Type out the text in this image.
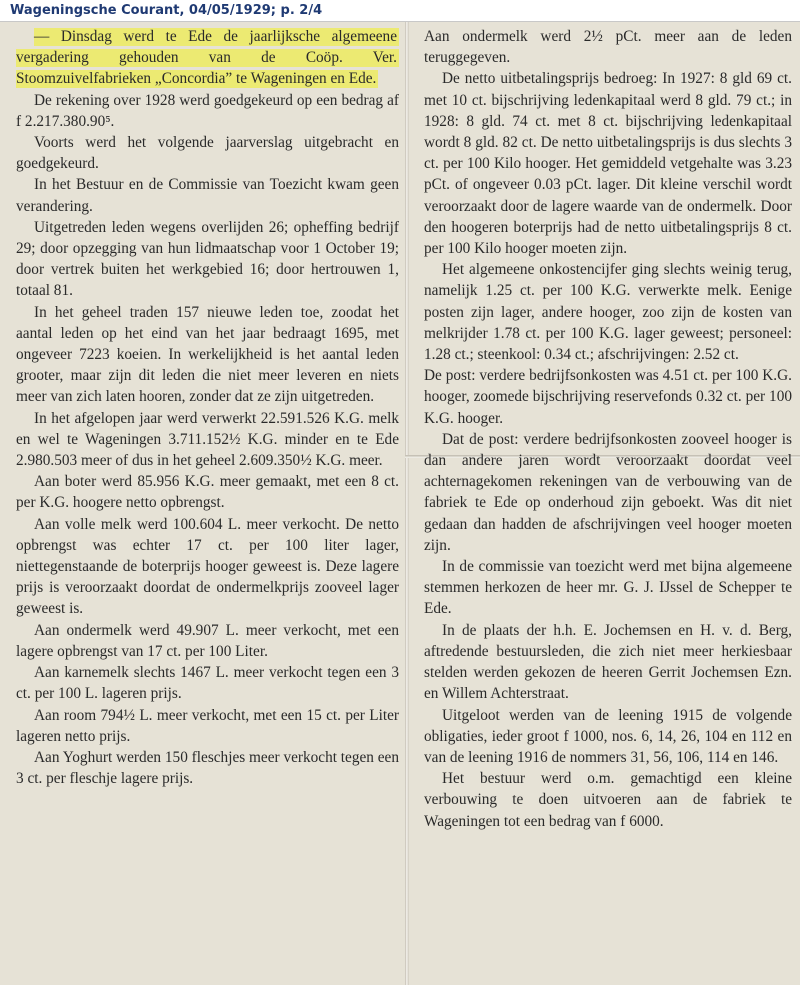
Wageningsche Courant, 04/05/1929; p. 2/4

— Dinsdag werd te Ede de jaarlijksche algemeene vergadering gehouden van de Coöp. Ver. Stoomzuivelfabrieken „Concordia” te Wageningen en Ede.

De rekening over 1928 werd goedgekeurd op een bedrag af f 2.217.380.90⁵.

Voorts werd het volgende jaarverslag uitgebracht en goedgekeurd.

In het Bestuur en de Commissie van Toezicht kwam geen verandering.

Uitgetreden leden wegens overlijden 26; opheffing bedrijf 29; door opzegging van hun lidmaatschap voor 1 October 19; door vertrek buiten het werkgebied 16; door hertrouwen 1, totaal 81.

In het geheel traden 157 nieuwe leden toe, zoodat het aantal leden op het eind van het jaar bedraagt 1695, met ongeveer 7223 koeien. In werkelijkheid is het aantal leden grooter, maar zijn dit leden die niet meer leveren en niets meer van zich laten hooren, zonder dat ze zijn uitgetreden.

In het afgelopen jaar werd verwerkt 22.591.526 K.G. melk en wel te Wageningen 3.711.152½ K.G. minder en te Ede 2.980.503 meer of dus in het geheel 2.609.350½ K.G. meer.

Aan boter werd 85.956 K.G. meer gemaakt, met een 8 ct. per K.G. hoogere netto opbrengst.

Aan volle melk werd 100.604 L. meer verkocht. De netto opbrengst was echter 17 ct. per 100 liter lager, niettegenstaande de boterprijs hooger geweest is. Deze lagere prijs is veroorzaakt doordat de ondermelkprijs zooveel lager geweest is.

Aan ondermelk werd 49.907 L. meer verkocht, met een lagere opbrengst van 17 ct. per 100 Liter.

Aan karnemelk slechts 1467 L. meer verkocht tegen een 3 ct. per 100 L. lageren prijs.

Aan room 794½ L. meer verkocht, met een 15 ct. per Liter lageren netto prijs.

Aan Yoghurt werden 150 fleschjes meer verkocht tegen een 3 ct. per fleschje lagere prijs.

Aan ondermelk werd 2½ pCt. meer aan de leden teruggegeven.

De netto uitbetalingsprijs bedroeg: In 1927: 8 gld 69 ct. met 10 ct. bijschrijving ledenkapitaal werd 8 gld. 79 ct.; in 1928: 8 gld. 74 ct. met 8 ct. bijschrijving ledenkapitaal wordt 8 gld. 82 ct. De netto uitbetalingsprijs is dus slechts 3 ct. per 100 Kilo hooger. Het gemiddeld vetgehalte was 3.23 pCt. of ongeveer 0.03 pCt. lager. Dit kleine verschil wordt veroorzaakt door de lagere waarde van de ondermelk. Door den hoogeren boterprijs had de netto uitbetalingsprijs 8 ct. per 100 Kilo hooger moeten zijn.

Het algemeene onkostencijfer ging slechts weinig terug, namelijk 1.25 ct. per 100 K.G. verwerkte melk. Eenige posten zijn lager, andere hooger, zoo zijn de kosten van melkrijder 1.78 ct. per 100 K.G. lager geweest; personeel: 1.28 ct.; steenkool: 0.34 ct.; afschrijvingen: 2.52 ct.

De post: verdere bedrijfsonkosten was 4.51 ct. per 100 K.G. hooger, zoomede bijschrijving reservefonds 0.32 ct. per 100 K.G. hooger.

Dat de post: verdere bedrijfsonkosten zooveel hooger is dan andere jaren wordt veroorzaakt doordat veel achternagekomen rekeningen van de verbouwing van de fabriek te Ede op onderhoud zijn geboekt. Was dit niet gedaan dan hadden de afschrijvingen veel hooger moeten zijn.

In de commissie van toezicht werd met bijna algemeene stemmen herkozen de heer mr. G. J. IJssel de Schepper te Ede.

In de plaats der h.h. E. Jochemsen en H. v. d. Berg, aftredende bestuursleden, die zich niet meer herkiesbaar stelden werden gekozen de heeren Gerrit Jochemsen Ezn. en Willem Achterstraat.

Uitgeloot werden van de leening 1915 de volgende obligaties, ieder groot f 1000, nos. 6, 14, 26, 104 en 112 en van de leening 1916 de nommers 31, 56, 106, 114 en 146.

Het bestuur werd o.m. gemachtigd een kleine verbouwing te doen uitvoeren aan de fabriek te Wageningen tot een bedrag van f 6000.
